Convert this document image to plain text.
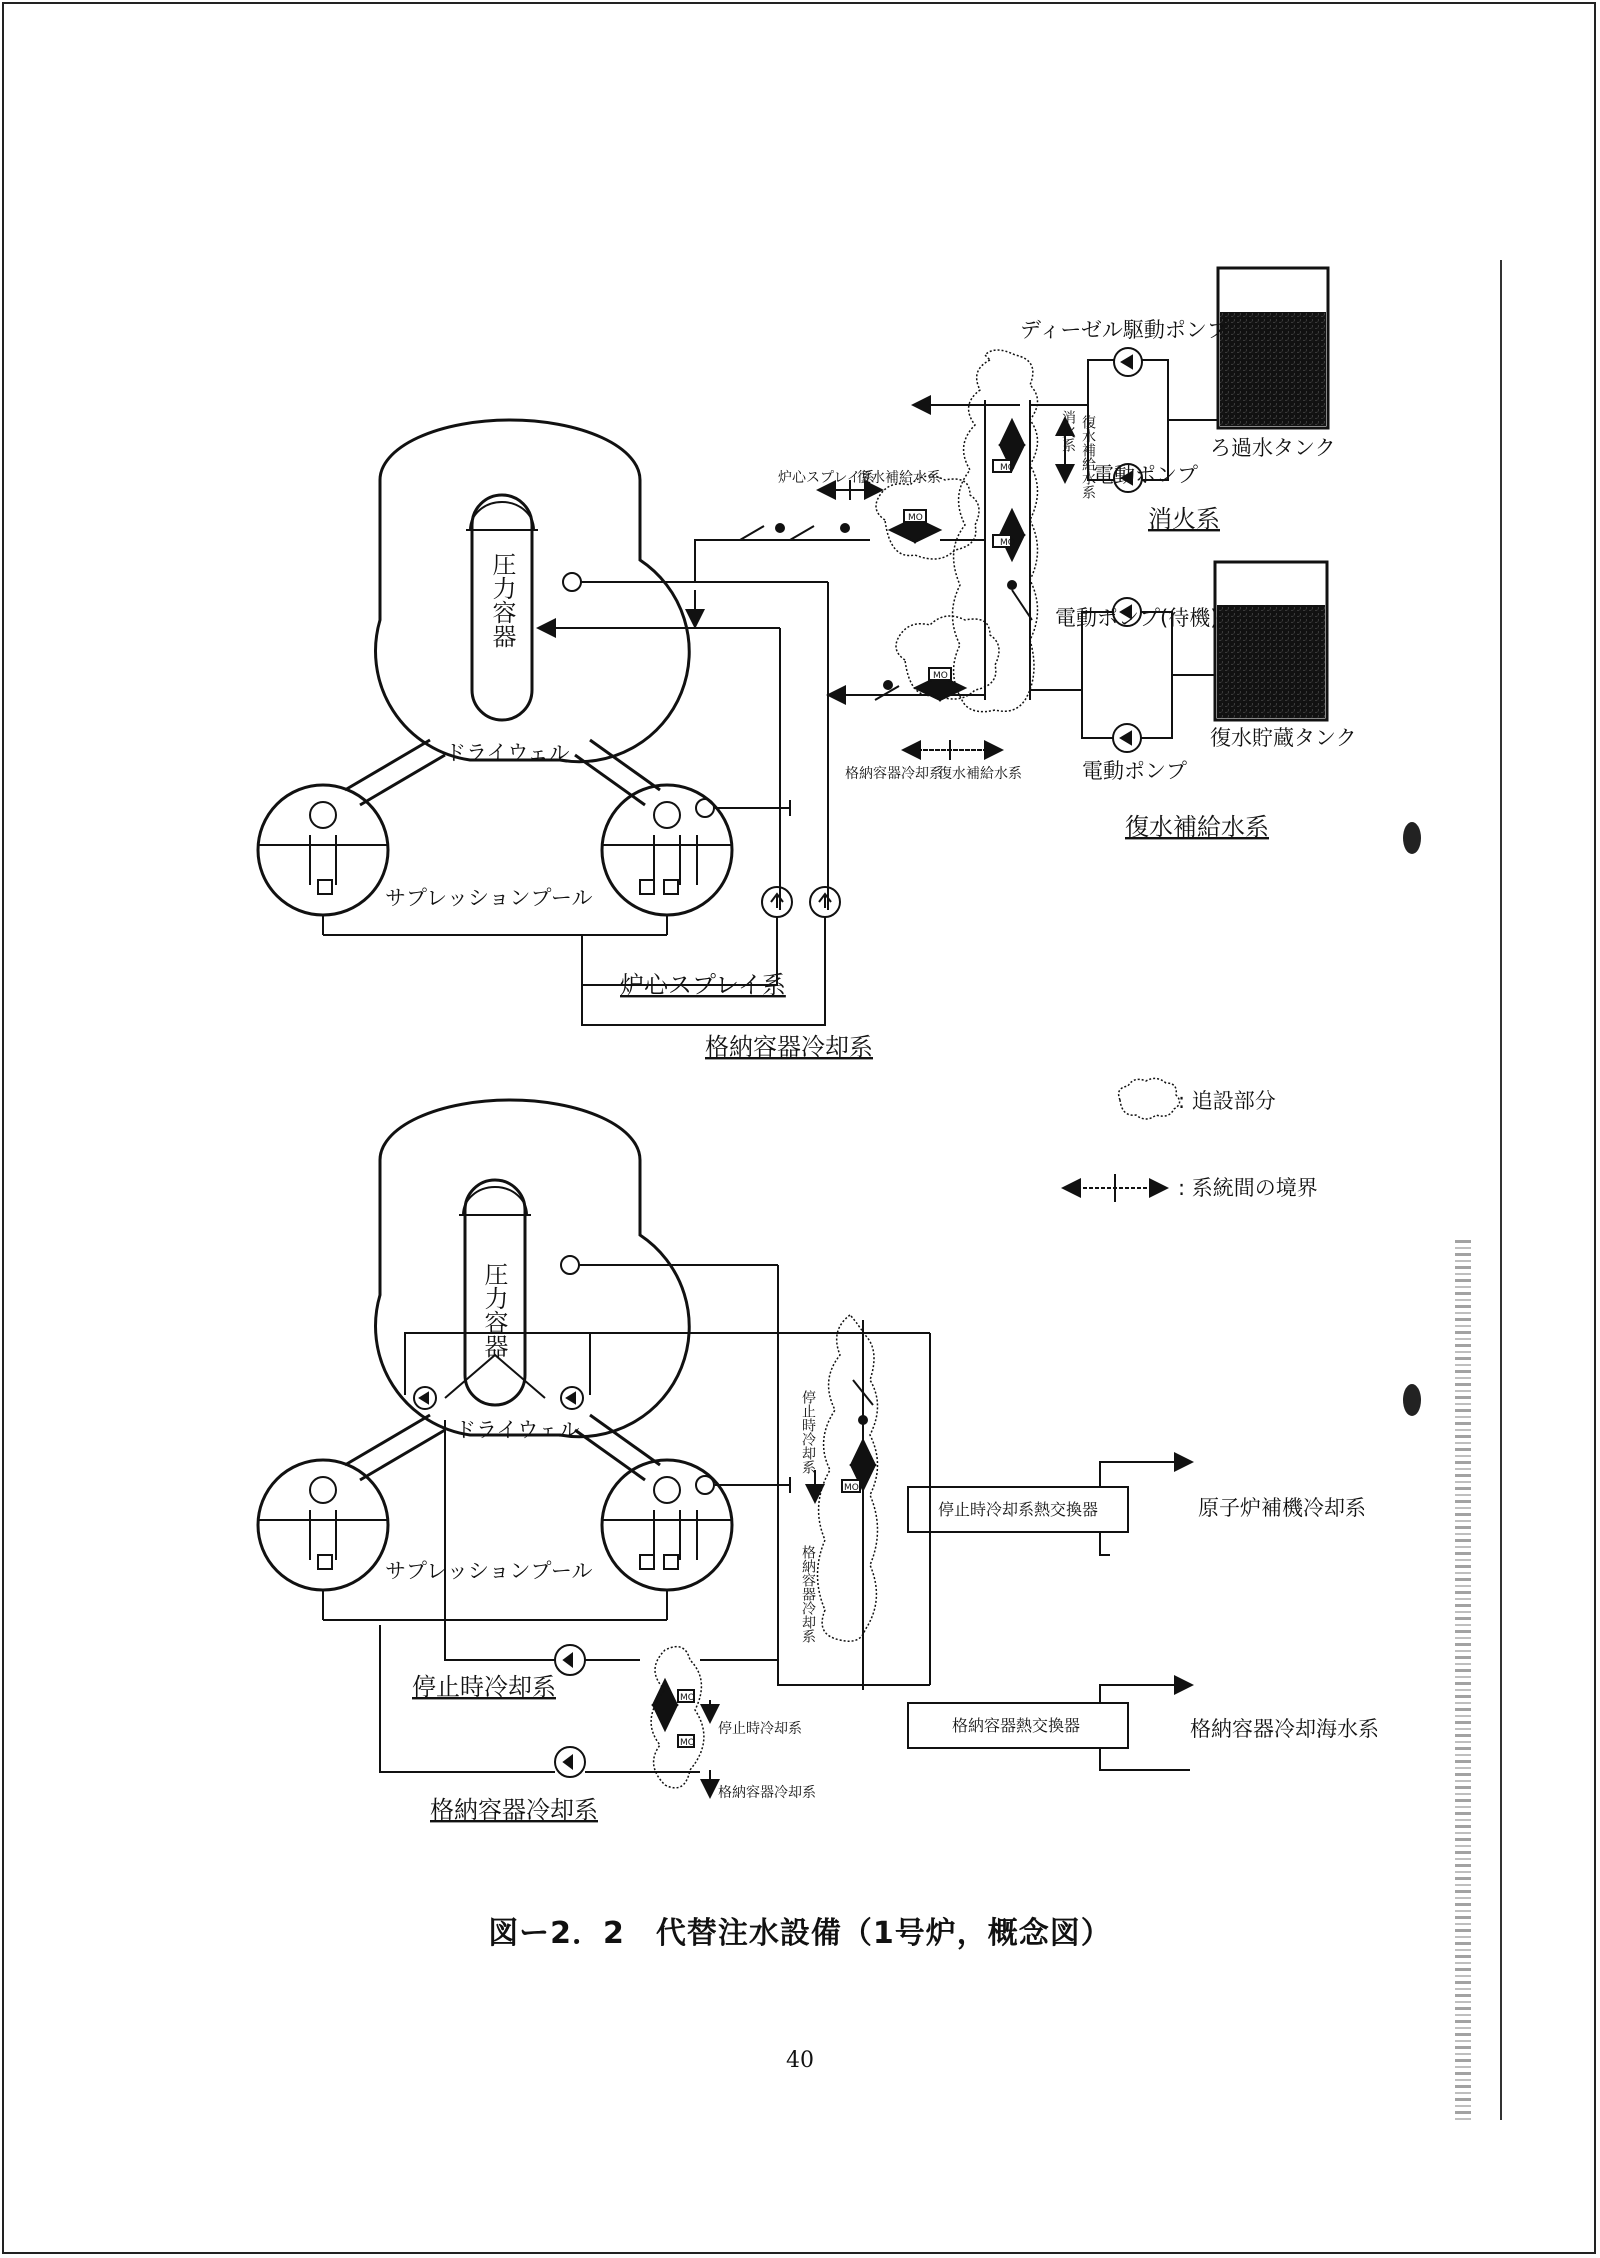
圧力容器
ドライウェル
サプレッションプール
炉心スプレイ系
格納容器冷却系
ディーゼル駆動ポンプ
電動ポンプ
ろ過水タンク
消火系
電動ポンプ(待機)
電動ポンプ
復水貯蔵タンク
復水補給水系
炉心スプレイ系
復水補給水系
格納容器冷却系
復水補給水系
消火系 復水補給水系
MO
MO
MO
MO
: 追設部分
: 系統間の境界
圧力容器
ドライウェル
サプレッションプール
停止時冷却系
格納容器冷却系
停止時冷却系
格納容器冷却系
停止時冷却系熱交換器
格納容器熱交換器
原子炉補機冷却系
格納容器冷却海水系
停止時冷却系
格納容器冷却系
MO
MO
MO
図ー2．2　代替注水設備（1号炉，概念図）
40
